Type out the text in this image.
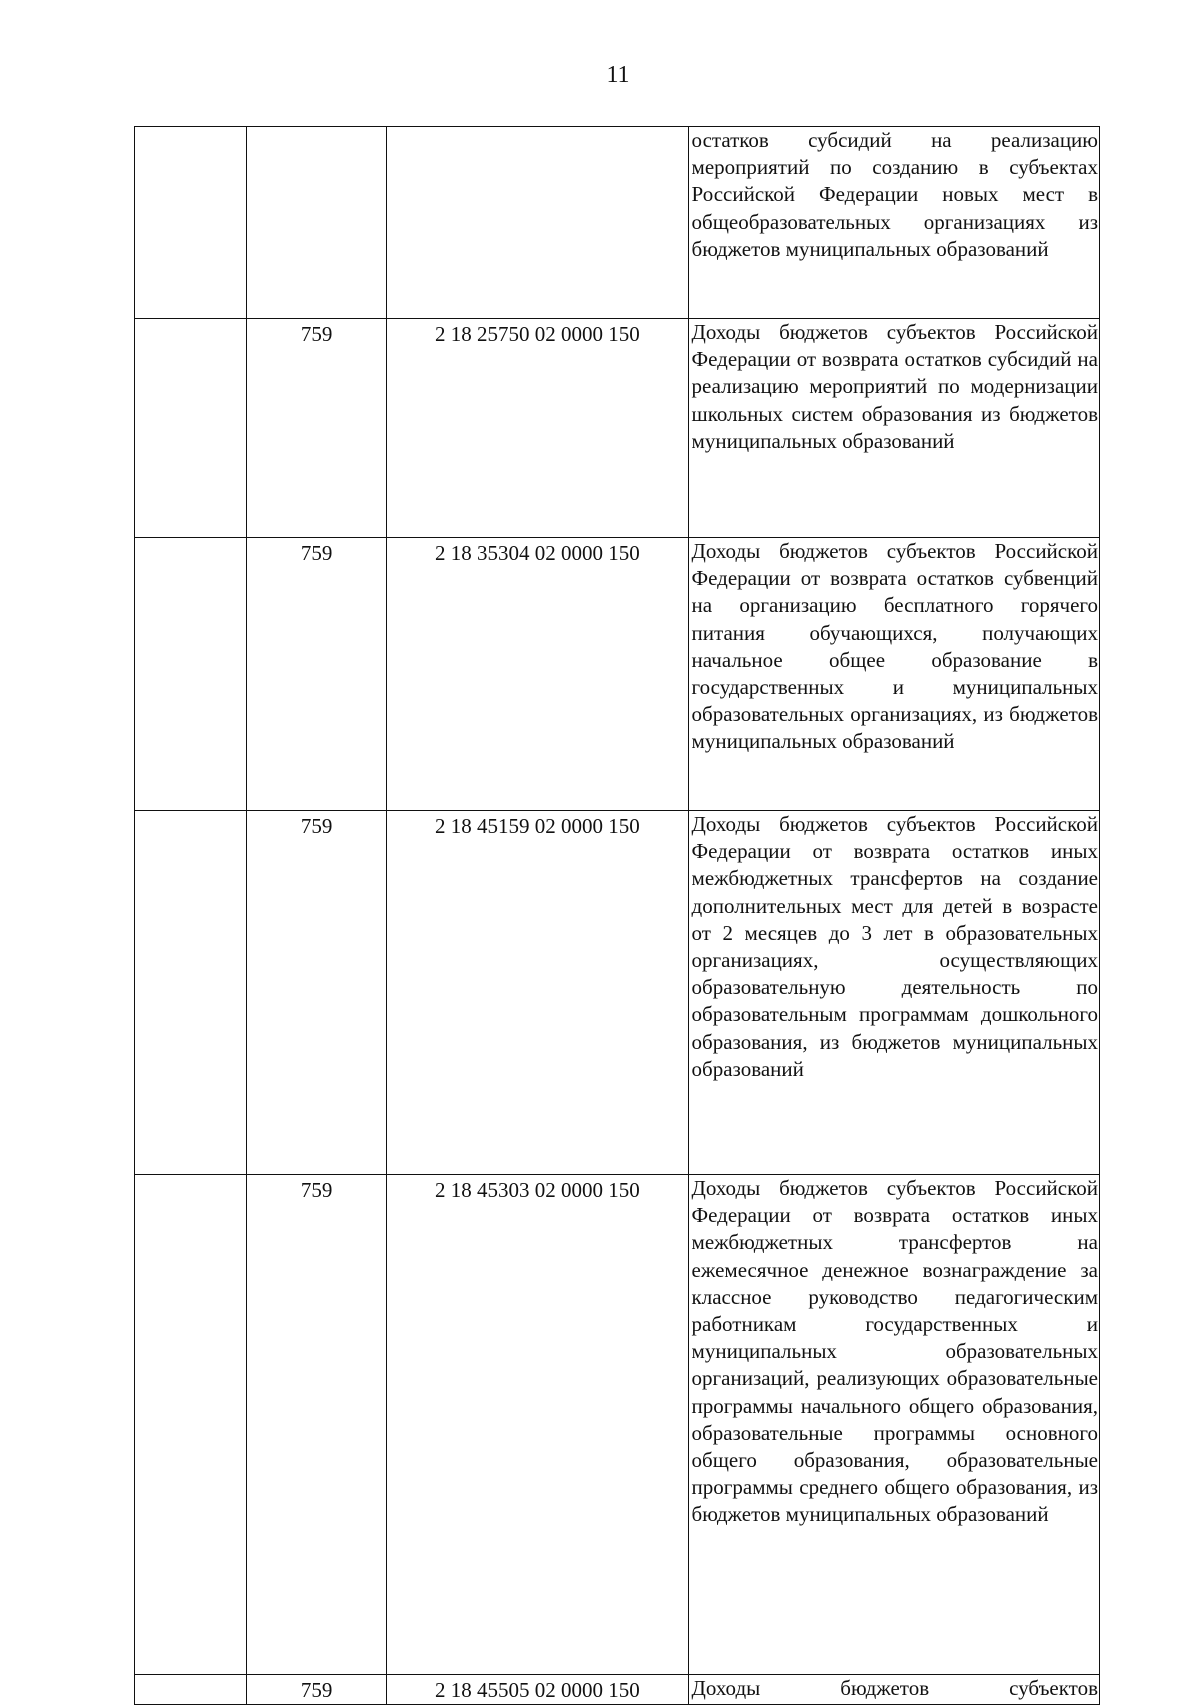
11
			остатков субсидий на реализацию мероприятий по созданию в субъектах Российской Федерации новых мест в общеобразовательных организациях из бюджетов муниципальных образований
	759	2 18 25750 02 0000 150	Доходы бюджетов субъектов Российской Федерации от возврата остатков субсидий на реализацию мероприятий по модернизации школьных систем образования из бюджетов муниципальных образований
	759	2 18 35304 02 0000 150	Доходы бюджетов субъектов Российской Федерации от возврата остатков субвенций на организацию бесплатного горячего питания обучающихся, получающих начальное общее образование в государственных и муниципальных образовательных организациях, из бюджетов муниципальных образований
	759	2 18 45159 02 0000 150	Доходы бюджетов субъектов Российской Федерации от возврата остатков иных межбюджетных трансфертов на создание дополнительных мест для детей в возрасте от 2 месяцев до 3 лет в образовательных организациях, осуществляющих образовательную деятельность по образовательным программам дошкольного образования, из бюджетов муниципальных образований
	759	2 18 45303 02 0000 150	Доходы бюджетов субъектов Российской Федерации от возврата остатков иных межбюджетных трансфертов на ежемесячное денежное вознаграждение за классное руководство педагогическим работникам государственных и муниципальных образовательных организаций, реализующих образовательные программы начального общего образования, образовательные программы основного общего образования, образовательные программы среднего общего образования, из бюджетов муниципальных образований
	759	2 18 45505 02 0000 150	Доходы бюджетов субъектов
